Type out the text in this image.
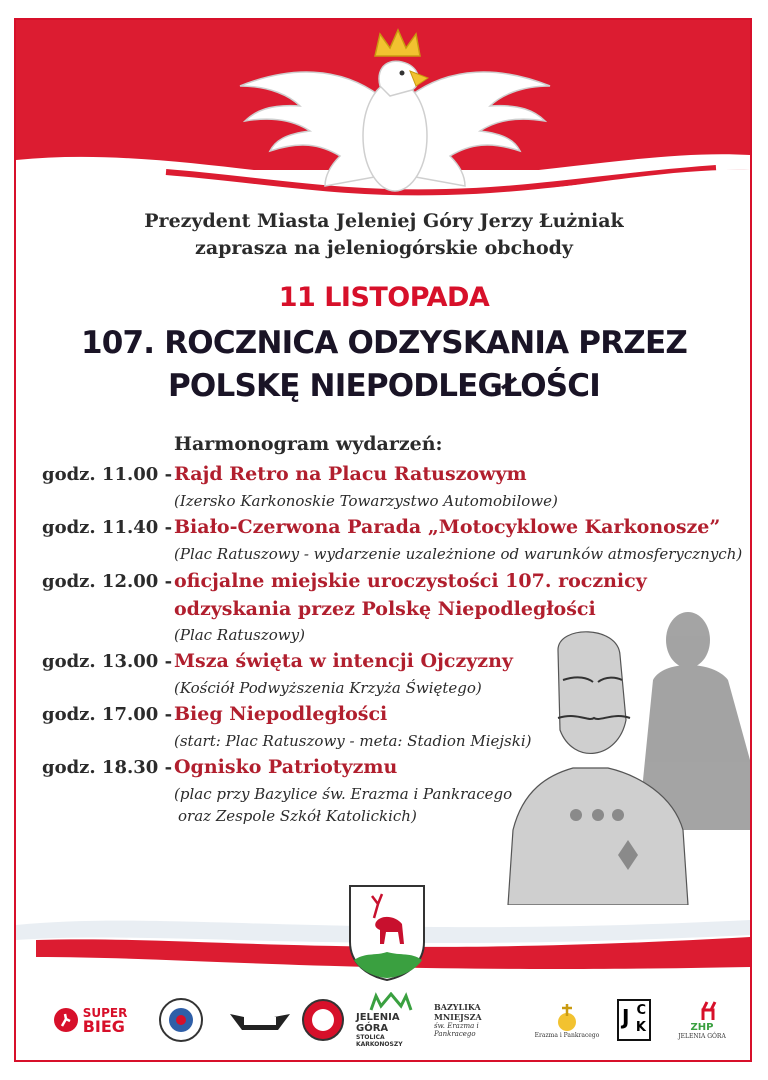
Prezydent Miasta Jeleniej Góry Jerzy Łużniak
zaprasza na jeleniogórskie obchody
11 LISTOPADA
107. ROCZNICA ODZYSKANIA PRZEZ
POLSKĘ NIEPODLEGŁOŚCI
Harmonogram wydarzeń:
godz. 11.00 - Rajd Retro na Placu Ratuszowym
(Izersko Karkonoskie Towarzystwo Automobilowe)
godz. 11.40 - Biało-Czerwona Parada „Motocyklowe Karkonosze”
(Plac Ratuszowy - wydarzenie uzależnione od warunków atmosferycznych)
godz. 12.00 - oficjalne miejskie uroczystości 107. rocznicy
odzyskania przez Polskę Niepodległości
(Plac Ratuszowy)
godz. 13.00 - Msza święta w intencji Ojczyzny
(Kościół Podwyższenia Krzyża Świętego)
godz. 17.00 - Bieg Niepodległości
(start: Plac Ratuszowy - meta: Stadion Miejski)
godz. 18.30 - Ognisko Patriotyzmu
(plac przy Bazylice św. Erazma i Pankracego
oraz Zespole Szkół Katolickich)
SUPER
BIEG	JELENIA GÓRA
STOLICA KARKONOSZY
BAZYLIKA MNIEJSZA
św. Erazma i Pankracego	Erazma i Pankracego
J C
K	ZHP
JELENIA GÓRA
